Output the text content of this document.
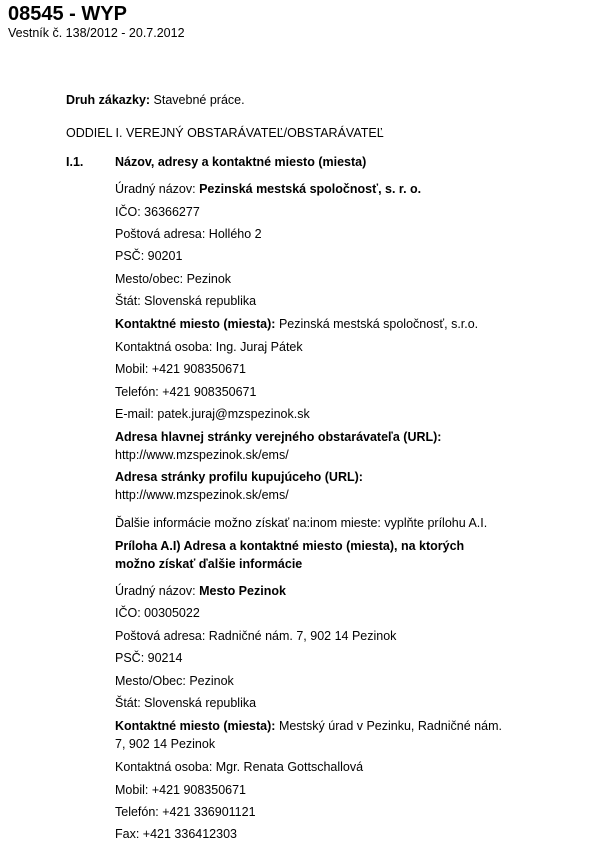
08545 - WYP
Vestník č. 138/2012 - 20.7.2012
Druh zákazky: Stavebné práce.
ODDIEL I. VEREJNÝ OBSTARÁVATEĽ/OBSTARÁVATEĽ
I.1.	Názov, adresy a kontaktné miesto (miesta)
Úradný názov: Pezinská mestská spoločnosť, s. r. o.
IČO: 36366277
Poštová adresa: Hollého 2
PSČ: 90201
Mesto/obec: Pezinok
Štát: Slovenská republika
Kontaktné miesto (miesta): Pezinská mestská spoločnosť, s.r.o.
Kontaktná osoba: Ing. Juraj Pátek
Mobil: +421 908350671
Telefón: +421 908350671
E-mail: patek.juraj@mzspezinok.sk
Adresa hlavnej stránky verejného obstarávateľa (URL):
http://www.mzspezinok.sk/ems/
Adresa stránky profilu kupujúceho (URL):
http://www.mzspezinok.sk/ems/
Ďalšie informácie možno získať na:inom mieste: vyplňte prílohu A.I.
Príloha A.I) Adresa a kontaktné miesto (miesta), na ktorých
možno získať ďalšie informácie
Úradný názov: Mesto Pezinok
IČO: 00305022
Poštová adresa: Radničné nám. 7, 902 14 Pezinok
PSČ: 90214
Mesto/Obec: Pezinok
Štát: Slovenská republika
Kontaktné miesto (miesta): Mestský úrad v Pezinku, Radničné nám.
7, 902 14 Pezinok
Kontaktná osoba: Mgr. Renata Gottschallová
Mobil: +421 908350671
Telefón: +421 336901121
Fax: +421 336412303
